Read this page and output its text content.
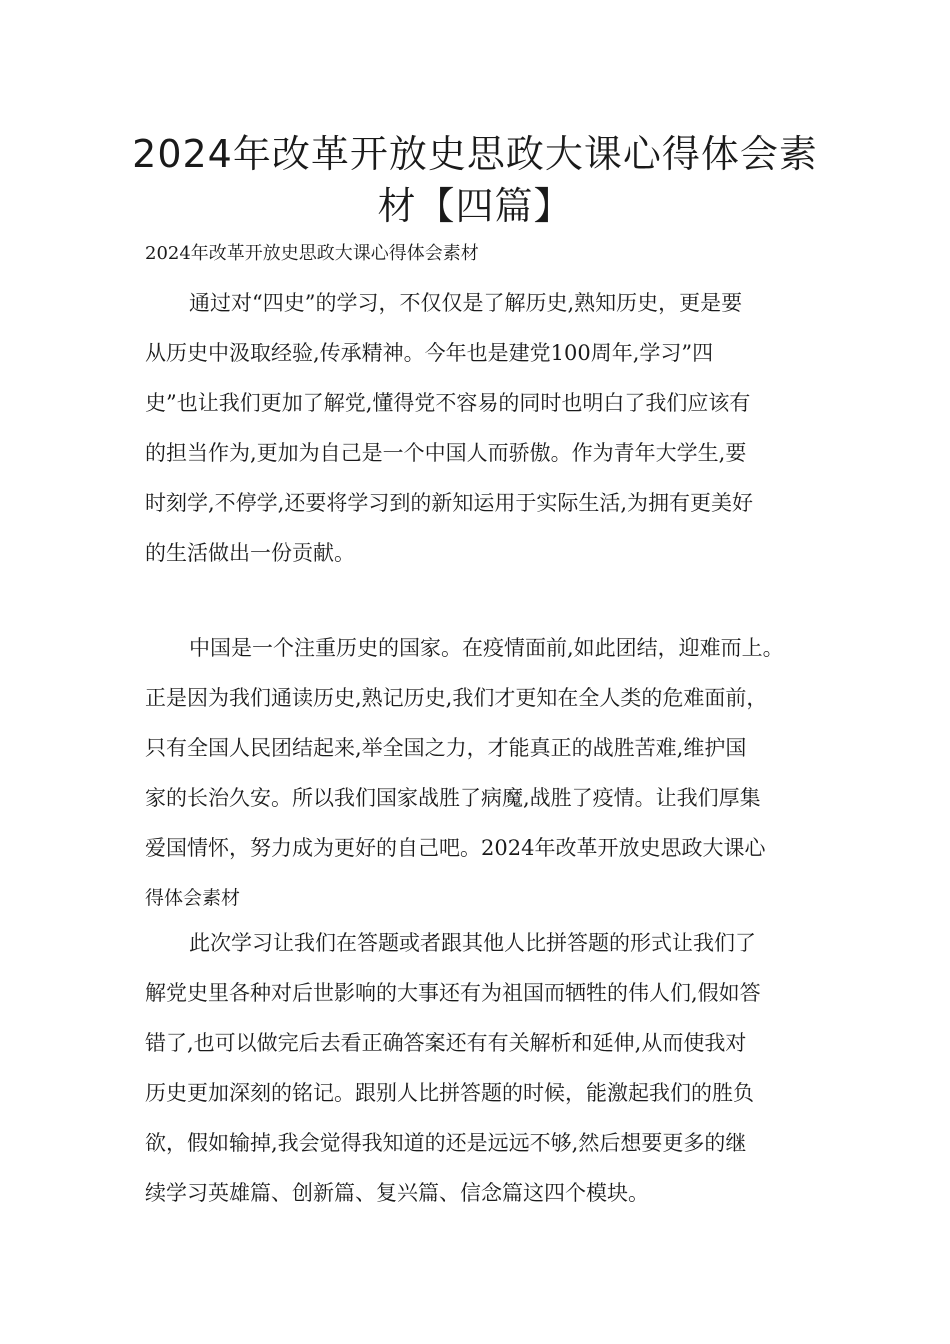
2024年改革开放史思政大课心得体会素
材【四篇】

2024年改革开放史思政大课心得体会素材

通过对“四史”的学习，不仅仅是了解历史,熟知历史，更是要
从历史中汲取经验,传承精神。今年也是建党100周年,学习”四
史”也让我们更加了解党,懂得党不容易的同时也明白了我们应该有
的担当作为,更加为自己是一个中国人而骄傲。作为青年大学生,要
时刻学,不停学,还要将学习到的新知运用于实际生活,为拥有更美好
的生活做出一份贡献。
中国是一个注重历史的国家。在疫情面前,如此团结，迎难而上。
正是因为我们通读历史,熟记历史,我们才更知在全人类的危难面前，
只有全国人民团结起来,举全国之力，才能真正的战胜苦难,维护国
家的长治久安。所以我们国家战胜了病魔,战胜了疫情。让我们厚集
爱国情怀，努力成为更好的自己吧。2024年改革开放史思政大课心
得体会素材
此次学习让我们在答题或者跟其他人比拼答题的形式让我们了
解党史里各种对后世影响的大事还有为祖国而牺牲的伟人们,假如答
错了,也可以做完后去看正确答案还有有关解析和延伸,从而使我对
历史更加深刻的铭记。跟别人比拼答题的时候，能激起我们的胜负
欲，假如输掉,我会觉得我知道的还是远远不够,然后想要更多的继
续学习英雄篇、创新篇、复兴篇、信念篇这四个模块。
